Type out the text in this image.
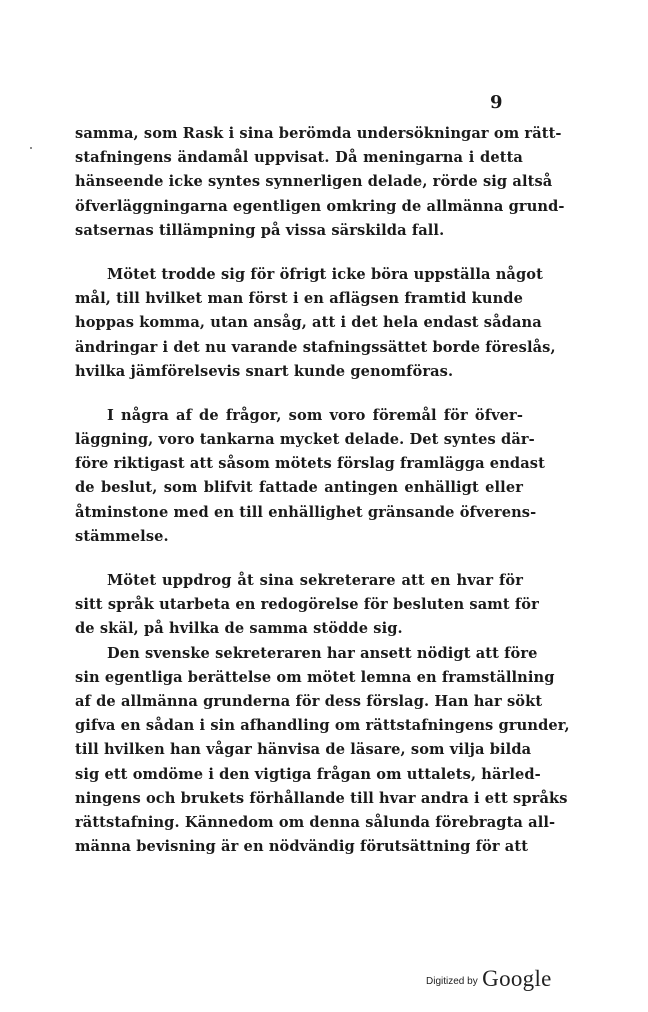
9
samma, som Rask i sina berömda undersökningar om rätt-
stafningens ändamål uppvisat. Då meningarna i detta
hänseende icke syntes synnerligen delade, rörde sig altså
öfverläggningarna egentligen omkring de allmänna grund-
satsernas tillämpning på vissa särskilda fall.
Mötet trodde sig för öfrigt icke böra uppställa något
mål, till hvilket man först i en aflägsen framtid kunde
hoppas komma, utan ansåg, att i det hela endast sådana
ändringar i det nu varande stafningssättet borde föreslås,
hvilka jämförelsevis snart kunde genomföras.
I några af de frågor, som voro föremål för öfver-
läggning, voro tankarna mycket delade. Det syntes där-
före riktigast att såsom mötets förslag framlägga endast
de beslut, som blifvit fattade antingen enhälligt eller
åtminstone med en till enhällighet gränsande öfverens-
stämmelse.
Mötet uppdrog åt sina sekreterare att en hvar för
sitt språk utarbeta en redogörelse för besluten samt för
de skäl, på hvilka de samma stödde sig.
Den svenske sekreteraren har ansett nödigt att före
sin egentliga berättelse om mötet lemna en framställning
af de allmänna grunderna för dess förslag. Han har sökt
gifva en sådan i sin afhandling om rättstafningens grunder,
till hvilken han vågar hänvisa de läsare, som vilja bilda
sig ett omdöme i den vigtiga frågan om uttalets, härled-
ningens och brukets förhållande till hvar andra i ett språks
rättstafning. Kännedom om denna sålunda förebragta all-
männa bevisning är en nödvändig förutsättning för att
Digitized by Google
